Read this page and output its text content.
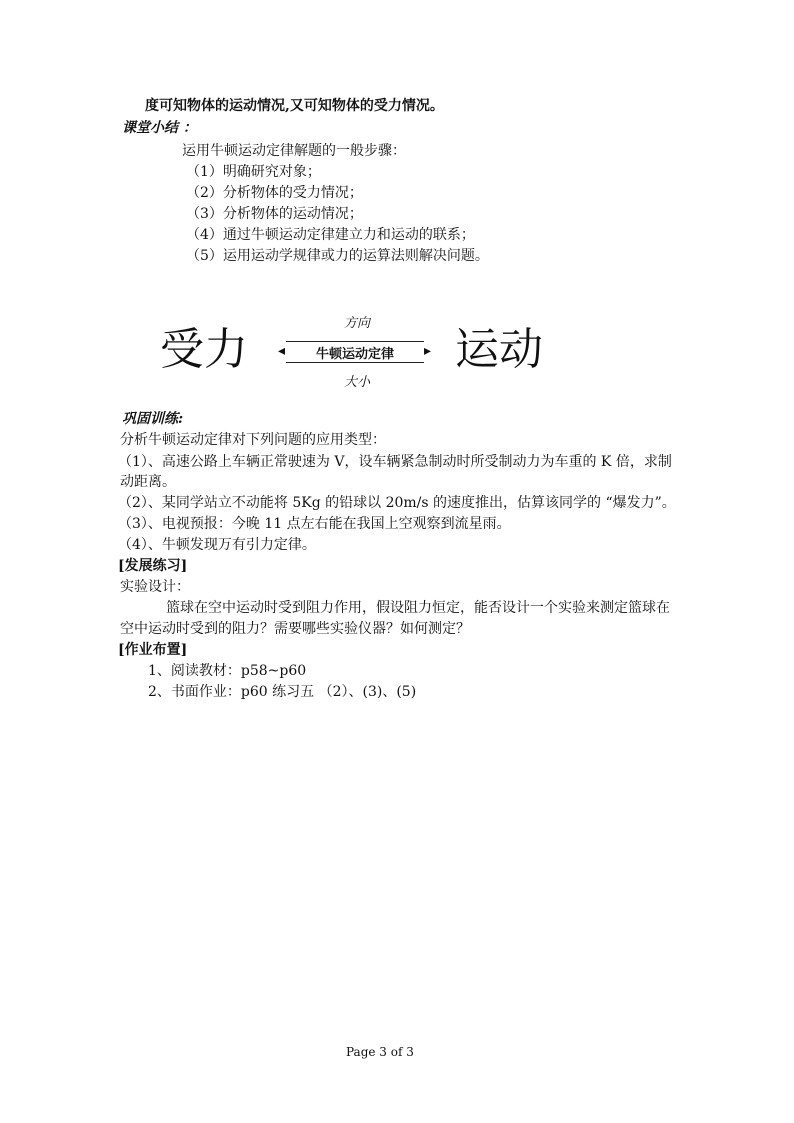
度可知物体的运动情况,又可知物体的受力情况。
课堂小结 ：
运用牛顿运动定律解题的一般步骤：
（1）明确研究对象；
（2）分析物体的受力情况；
（3）分析物体的运动情况；
（4）通过牛顿运动定律建立力和运动的联系；
（5）运用运动学规律或力的运算法则解决问题。
受力	运动
方向
大小
◂ 牛顿运动定律 ▸
巩固训练:
分析牛顿运动定律对下列问题的应用类型：
（1）、高速公路上车辆正常驶速为 V，设车辆紧急制动时所受制动力为车重的 K 倍，求制
动距离。
（2）、某同学站立不动能将 5Kg 的铅球以 20m/s 的速度推出，估算该同学的 “爆发力”。
（3）、电视预报：今晚 11 点左右能在我国上空观察到流星雨。
（4）、牛顿发现万有引力定律。
[发展练习]
实验设计：
篮球在空中运动时受到阻力作用，假设阻力恒定，能否设计一个实验来测定篮球在
空中运动时受到的阻力？需要哪些实验仪器？如何测定？
[作业布置]
1、阅读教材：p58~p60
2、书面作业：p60 练习五 （2）、(3)、(5)
Page 3 of 3
